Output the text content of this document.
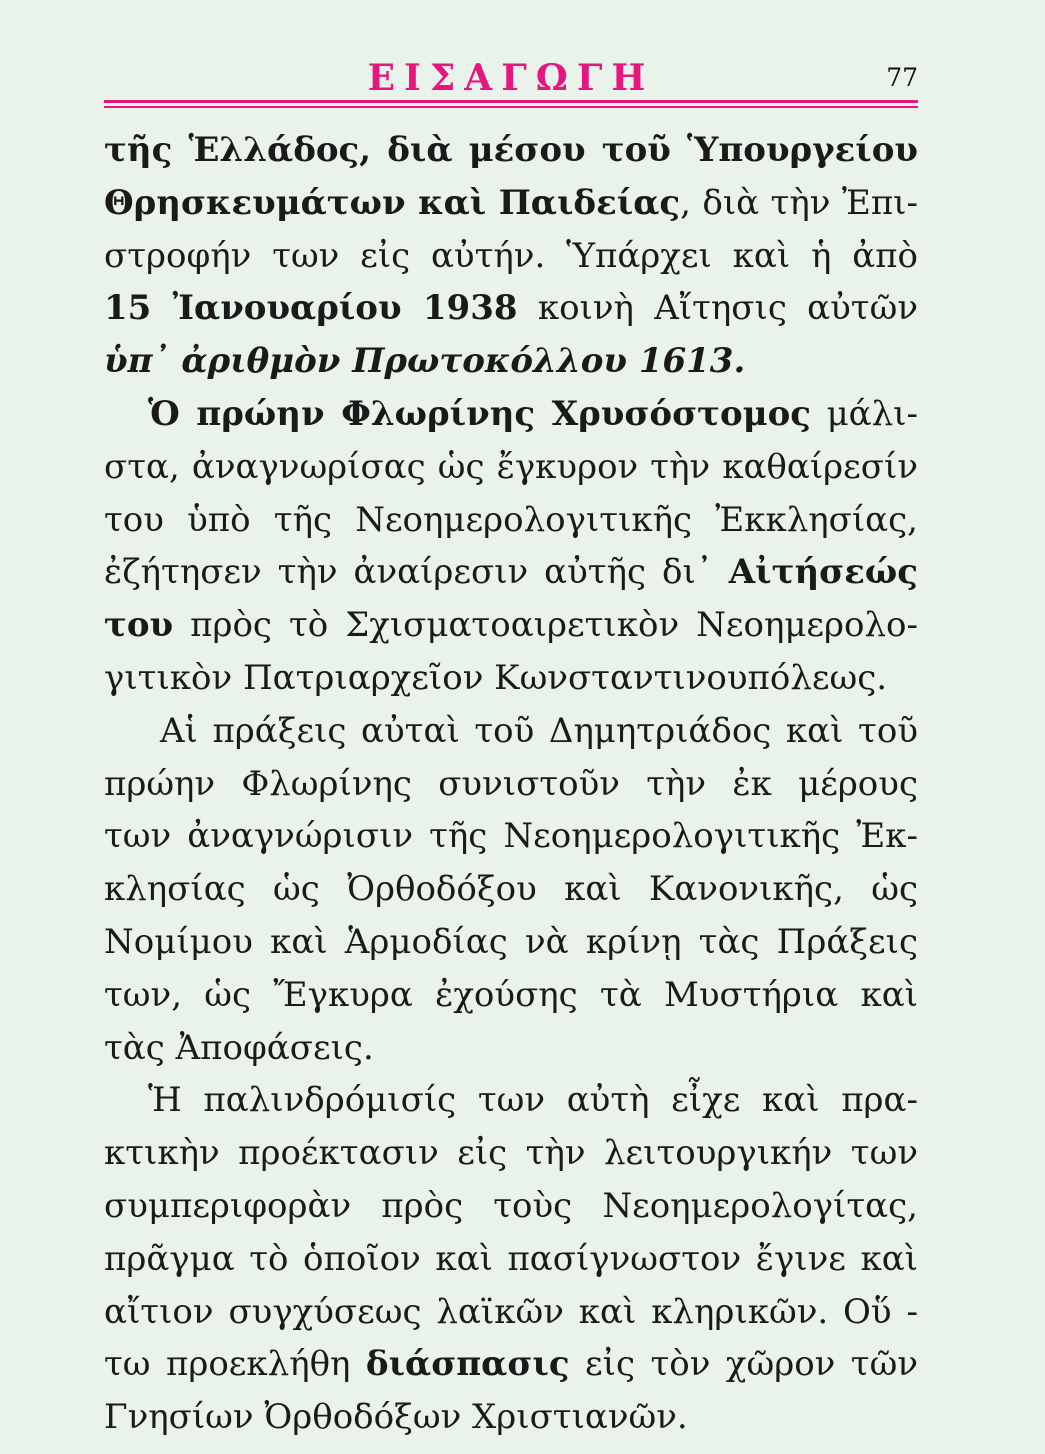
ΕΙΣΑΓΩΓΗ	77
τῆς Ἑλλάδος, διὰ μέσου τοῦ Ὑπουργείου
Θρησκευμάτων καὶ Παιδείας, διὰ τὴν Ἐπι-
στροφήν των εἰς αὐτήν. Ὑπάρχει καὶ ἡ ἀπὸ
15 Ἰανουαρίου 1938 κοινὴ Αἴτησις αὐτῶν
ὑπ᾽ ἀριθμὸν Πρωτοκόλλου 1613.
Ὁ πρώην Φλωρίνης Χρυσόστομος μάλι-
στα, ἀναγνωρίσας ὡς ἔγκυρον τὴν καθαίρεσίν
του ὑπὸ τῆς Νεοημερολογιτικῆς Ἐκκλησίας,
ἐζήτησεν τὴν ἀναίρεσιν αὐτῆς δι᾽ Αἰτήσεώς
του πρὸς τὸ Σχισματοαιρετικὸν Νεοημερολο-
γιτικὸν Πατριαρχεῖον Κωνσταντινουπόλεως.
Αἱ πράξεις αὐταὶ τοῦ Δημητριάδος καὶ τοῦ
πρώην Φλωρίνης συνιστοῦν τὴν ἐκ μέρους
των ἀναγνώρισιν τῆς Νεοημερολογιτικῆς Ἐκ-
κλησίας ὡς Ὀρθοδόξου καὶ Κανονικῆς, ὡς
Νομίμου καὶ Ἁρμοδίας νὰ κρίνῃ τὰς Πράξεις
των, ὡς Ἔγκυρα ἐχούσης τὰ Μυστήρια καὶ
τὰς Ἀποφάσεις.
Ἡ παλινδρόμισίς των αὐτὴ εἶχε καὶ πρα-
κτικὴν προέκτασιν εἰς τὴν λειτουργικήν των
συμπεριφορὰν πρὸς τοὺς Νεοημερολογίτας,
πρᾶγμα τὸ ὁποῖον καὶ πασίγνωστον ἔγινε καὶ
αἴτιον συγχύσεως λαϊκῶν καὶ κληρικῶν. Οὕ -
τω προεκλήθη διάσπασις εἰς τὸν χῶρον τῶν
Γνησίων Ὀρθοδόξων Χριστιανῶν.
